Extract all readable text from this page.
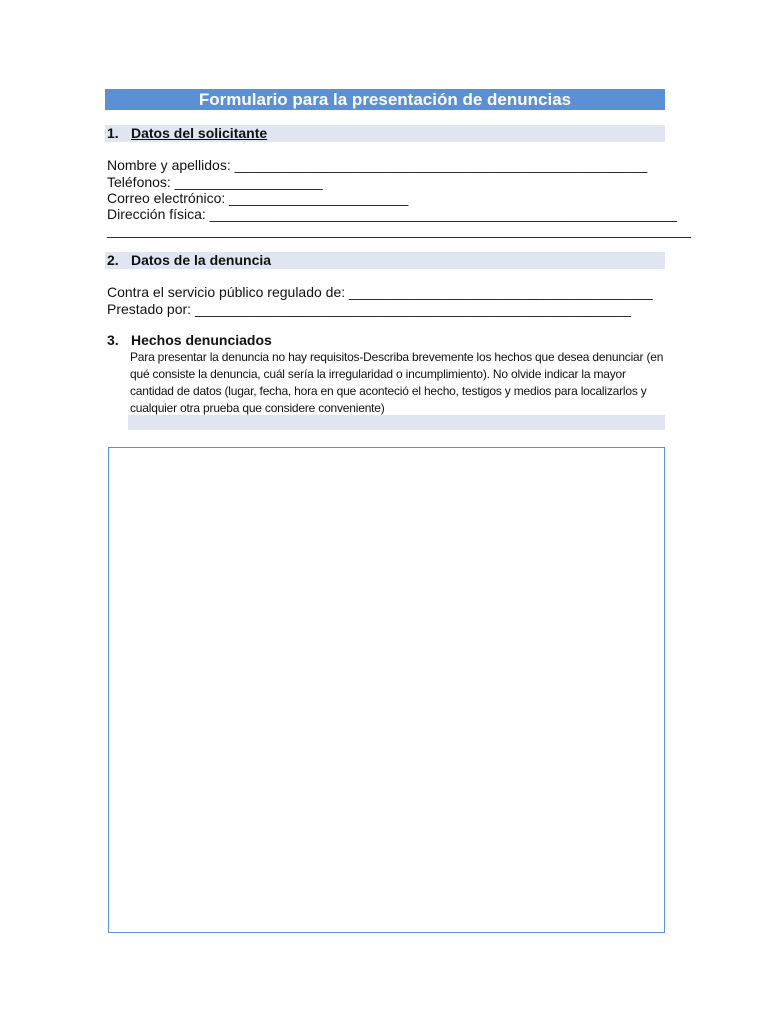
Formulario para la presentación de denuncias
1. Datos del solicitante
Nombre y apellidos: _____________________________________________________
Teléfonos: ___________________
Correo electrónico: _______________________
Dirección física: ____________________________________________________________
___________________________________________________________________________
2. Datos de la denuncia
Contra el servicio público regulado de: _______________________________________
Prestado por: ________________________________________________________
3. Hechos denunciados
Para presentar la denuncia no hay requisitos-Describa brevemente los hechos que desea denunciar (en qué consiste la denuncia, cuál sería la irregularidad o incumplimiento). No olvide indicar la mayor cantidad de datos (lugar, fecha, hora en que aconteció el hecho, testigos y medios para localizarlos y cualquier otra prueba que considere conveniente)
